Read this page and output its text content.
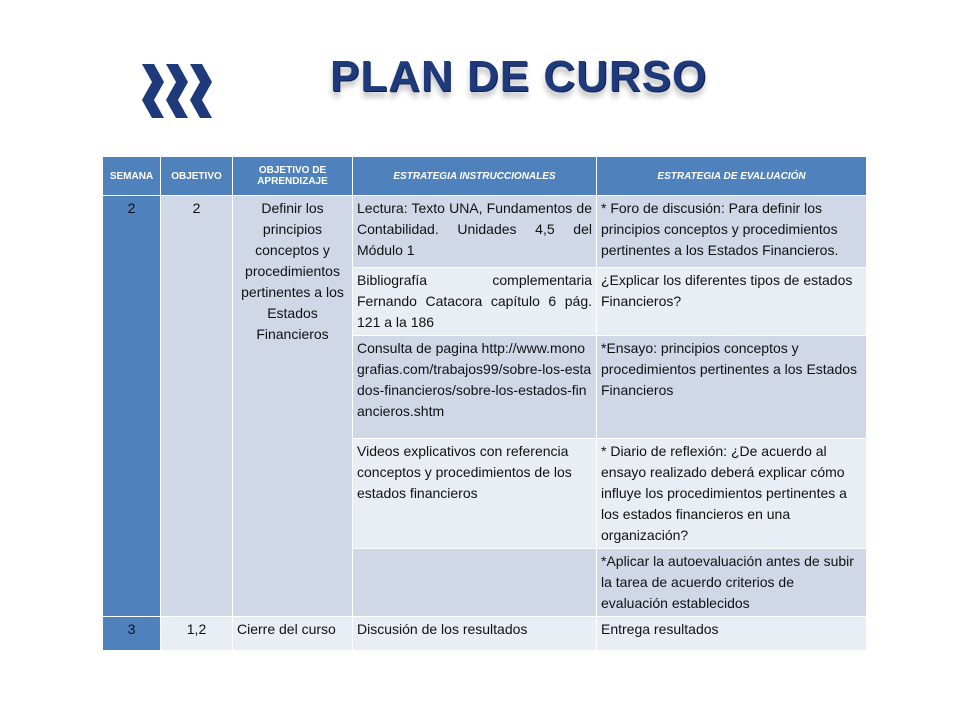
PLAN DE CURSO
SEMANA	OBJETIVO	OBJETIVO DE APRENDIZAJE	ESTRATEGIA INSTRUCCIONALES	ESTRATEGIA DE EVALUACIÓN
2	2	Definir los principios conceptos y procedimientos pertinentes a los Estados Financieros	Lectura: Texto UNA, Fundamentos de Contabilidad. Unidades 4,5 del Módulo 1	* Foro de discusión: Para definir los principios conceptos y procedimientos pertinentes a los Estados Financieros.
			Bibliografía complementaria Fernando Catacora capítulo 6 pág. 121 a la 186	¿Explicar los diferentes tipos de estados Financieros?
			Consulta de pagina http://www.monografias.com/trabajos99/sobre-los-estados-financieros/sobre-los-estados-financieros.shtm	*Ensayo: principios conceptos y procedimientos pertinentes a los Estados Financieros
			Videos explicativos con referencia conceptos y procedimientos de los estados financieros	* Diario de reflexión: ¿De acuerdo al ensayo realizado deberá explicar cómo influye los procedimientos pertinentes a los estados financieros en una organización?
				*Aplicar la autoevaluación antes de subir la tarea de acuerdo criterios de evaluación establecidos
3	1,2	Cierre del curso	Discusión de los resultados	Entrega resultados
